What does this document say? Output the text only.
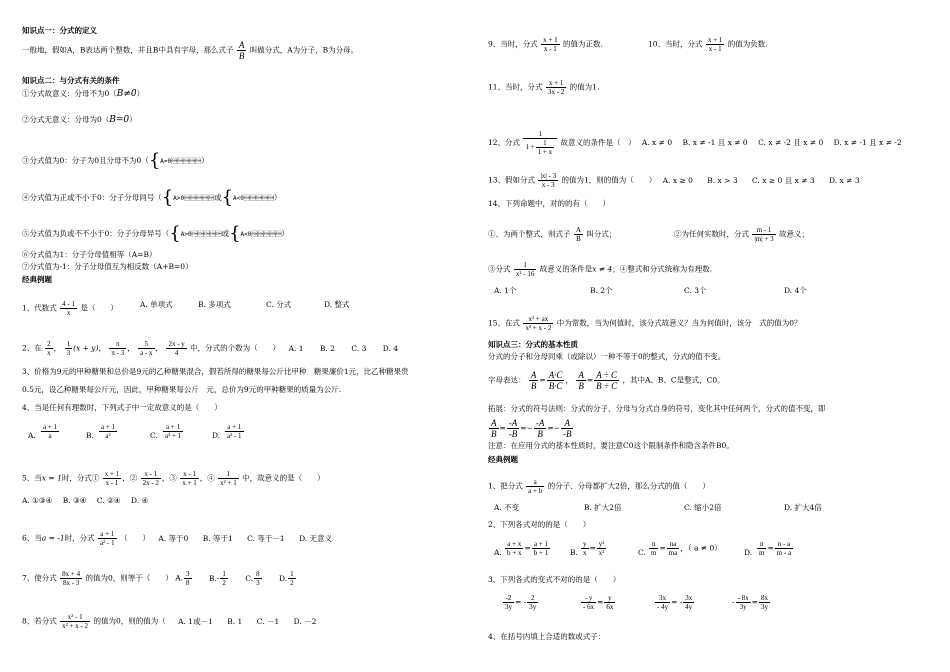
知识点一：分式的定义
一般地，假如A，B表达两个整数，并且B中具有字母，那么式子 $\frac{A}{B}$ 叫做分式，A为分子，B为分母。
知识点二：与分式有关的条件
①分式故意义：分母不为0（B≠0）
②分式无意义：分母为0（B=0）
③分式值为0：分子为0且分母不为0（{A=0）
④分式值为正或不小于0：分子分母同号（{A>0或{A<0）
⑤分式值为负或不不小于0：分子分母异号（{A>0或{A<0）
⑥分式值为1：分子分母值相等（A=B）
⑦分式值为-1：分子分母值互为相反数（A+B=0）
经典例题
1、代数式 $\frac{4 - 1}{x}$ 是（　　）	A. 单项式	B. 多项式	C. 分式	D. 整式
2、在 $\frac{2}{x}$ ， $\frac{1}{3} (x + y)$， $\frac{\pi}{\pi - 3}$ ， $\frac{5}{a - x}$ ， $\frac{2x - y}{4}$ 中，分式的个数为（　　） A. 1 B. 2 C. 3 D. 4
3、价格为9元的甲种糖果和总价是9元的乙种糖果混合，假若所得的糖果每公斤比甲种　糖果廉价1元，比乙种糖果贵
0.5元，设乙种糖果每公斤元，因此，甲种糖果每公斤　元，总价为9元的甲种糖果的质量为公斤.
4、当是任何有理数时，下列式子中一定故意义的是（　　）
A. $\frac{a + 1}{a}$	B. $\frac{a + 1}{\text{a²}}$	C. $\frac{a + 1}{\text{a² + 1}}$	D. $\frac{a + 1}{\text{a² - 1}}$
5、当x = 1时，分式① $\frac{x + 1}{x - 1}$ ，② $\frac{x - 1}{2x - 2}$ ，③ $\frac{x - 1}{x + 1}$ ，④ $\frac{1}{\text{x² + 1}}$ 中，故意义的是（　　）
A. ①③④ B. ③④ C. ②④ D. ④
6、当a = -1时，分式 $\frac{a + 1}{\text{a² - 1}}$ （　　） A. 等于0 B. 等于1 C. 等于－1 D. 无意义
7、使分式 $\frac{8x + 4}{8x - 3}$ 的值为0，则等于（　　） A. $\frac{3}{8} B.- \frac{1}{2} C$. $\frac{8}{3} D$. $\frac{1}{2}$
8、若分式 $\frac{\text{x² - 1}}{\text{x² + x - 2}}$ 的值为0，则的值为（ A. 1或－1 B. 1 C. －1 D. －2
9、当时，分式 $\frac{x + 1}{x - 1}$ 的值为正数.	10、当时，分式 $\frac{x + 1}{x - 1}$ 的值为负数.
11、当时，分式 $\frac{x + 1}{3x - 2}$ 的值为1.
12、分式 $\frac{1}{1 + \frac{1}{1 + x}}$ 故意义的条件是（　） A. x ≠ 0 B. x ≠ -1 且 x ≠ 0 C. x ≠ -2 且 x ≠ 0 D. x ≠ -1 且 x ≠ -2
13、假如分式 $\frac{|x| - 3}{x - 3}$ 的值为1，则的值为（　　） A. x ≥ 0 B. x > 3 C. x ≥ 0 且 x ≠ 3 D. x ≠ 3
14、下列命题中，对的的有（　　）
①、为两个整式，则式子 $\frac{A}{B}$ 叫分式；	②为任何实数时，分式 $\frac{m - 1}{|m| + 3}$ 故意义；
③分式 $\frac{1}{\text{x² - 16}}$ 故意义的条件是x ≠ 4；④整式和分式统称为有理数.
A. 1个	B. 2个	C. 3个	D. 4个
15、在式 $\frac{\text{x² + ax}}{\text{x² + x - 2}}$ 中为常数，当为何值时，该分式故意义？当为何值时，该分　式的值为0？
知识点三：分式的基本性质
分式的分子和分母同乘（或除以）一种不等于0的整式，分式的值不变。
字母表达： $\frac{A}{B} = \frac{A\cdot C}{B\cdot C}$ ， $\frac{A}{B} = \frac{A \div C}{B \div C}$ ，其中A、B、C是整式，C0。
拓展：分式的符号法则：分式的分子、分母与分式自身的符号，变化其中任何两个，分式的值不变，即
$\frac{A}{B} = \frac{-A}{-B} =- \frac{-A}{B} =- \frac{A}{-B}$
注意：在应用分式的基本性质时，要注意C0这个限制条件和隐含条件B0。
经典例题
1、把分式 $\frac{a}{a + b}$ 的分子、分母都扩大2倍，那么分式的值（　　）
A. 不变	B. 扩大2倍	C. 缩小2倍	D. 扩大4倍
2、下列各式对的的是（　　）
A. $\frac{a + x}{b + x} = \frac{a + 1}{b + 1}$	B. $\frac{y}{x} = \frac{\text{y²}}{\text{x²}}$	C. $\frac{n}{m} = \frac{na}{ma}$ ，（ a ≠ 0）	D. $\frac{n}{m} = \frac{n - a}{m - a}$
3、下列各式的变式不对的的是（　　）
$\frac{-2}{3y}$ = - $\frac{2}{3y}$	$\frac{- y}{- 6x} = \frac{y}{6x}$	$\frac{3x}{- 4y}$ = - $\frac{3x}{4y}$	- $\frac{- 8x}{3y} = \frac{8x}{3y}$
4、在括号内填上合适的数或式子：
